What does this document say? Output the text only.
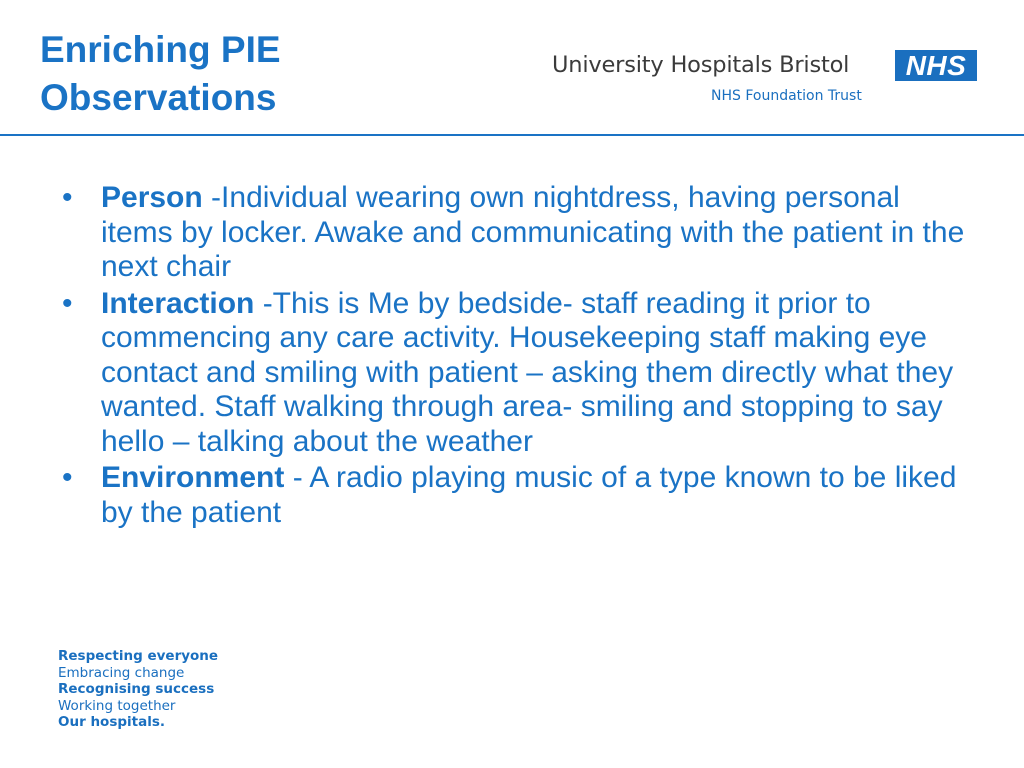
Enriching PIE
Observations
University Hospitals Bristol	NHS
NHS Foundation Trust
• Person -Individual wearing own nightdress, having personal items by locker. Awake and communicating with the patient in the next chair
• Interaction -This is Me by bedside- staff reading it prior to commencing any care activity. Housekeeping staff making eye contact and smiling with patient – asking them directly what they wanted. Staff walking through area- smiling and stopping to say hello – talking about the weather
• Environment - A radio playing music of a type known to be liked by the patient
Respecting everyone
Embracing change
Recognising success
Working together
Our hospitals.
